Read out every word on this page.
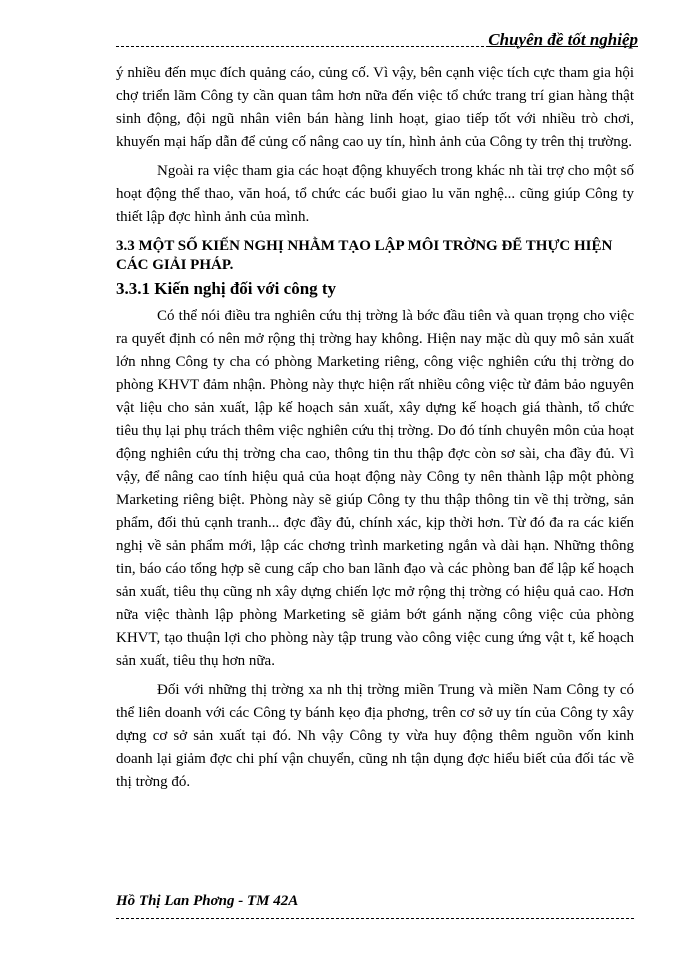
Chuyên đề tốt nghiệp

ý nhiều đến mục đích quảng cáo, củng cố. Vì vậy, bên cạnh việc tích cực tham gia hội chợ triển lãm Công ty cần quan tâm hơn nữa đến việc tổ chức trang trí gian hàng thật sinh động, đội ngũ nhân viên bán hàng linh hoạt, giao tiếp tốt với nhiều trò chơi, khuyến mại hấp dẫn để củng cố nâng cao uy tín, hình ảnh của Công ty trên thị trường.

Ngoài ra việc tham gia các hoạt động khuyếch trong khác nh tài trợ cho một số hoạt động thể thao, văn hoá, tổ chức các buổi giao lu văn nghệ... cũng giúp Công ty thiết lập đợc hình ảnh của mình.

3.3 MỘT SỐ KIẾN NGHỊ NHẰM TẠO LẬP MÔI TRỜNG ĐỂ THỰC HIỆN CÁC GIẢI PHÁP.
3.3.1 Kiến nghị đối với công ty

Có thể nói điều tra nghiên cứu thị trờng là bớc đầu tiên và quan trọng cho việc ra quyết định có nên mở rộng thị trờng hay không. Hiện nay mặc dù quy mô sản xuất lớn nhng Công ty cha có phòng Marketing riêng, công việc nghiên cứu thị trờng do phòng KHVT đảm nhận. Phòng này thực hiện rất nhiều công việc từ đảm bảo nguyên vật liệu cho sản xuất, lập kế hoạch sản xuất, xây dựng kế hoạch giá thành, tổ chức tiêu thụ lại phụ trách thêm việc nghiên cứu thị trờng. Do đó tính chuyên môn của hoạt động nghiên cứu thị trờng cha cao, thông tin thu thập đợc còn sơ sài, cha đầy đủ. Vì vậy, để nâng cao tính hiệu quả của hoạt động này Công ty nên thành lập một phòng Marketing riêng biệt. Phòng này sẽ giúp Công ty thu thập thông tin về thị trờng, sản phẩm, đối thủ cạnh tranh... đợc đầy đủ, chính xác, kịp thời hơn. Từ đó đa ra các kiến nghị về sản phẩm mới, lập các chơng trình marketing ngắn và dài hạn. Những thông tin, báo cáo tổng hợp sẽ cung cấp cho ban lãnh đạo và các phòng ban để lập kế hoạch sản xuất, tiêu thụ cũng nh xây dựng chiến lợc mở rộng thị trờng có hiệu quả cao. Hơn nữa việc thành lập phòng Marketing sẽ giảm bớt gánh nặng công việc của phòng KHVT, tạo thuận lợi cho phòng này tập trung vào công việc cung ứng vật t, kế hoạch sản xuất, tiêu thụ hơn nữa.

Đối với những thị trờng xa nh thị trờng miền Trung và miền Nam Công ty có thể liên doanh với các Công ty bánh kẹo địa phơng, trên cơ sở uy tín của Công ty xây dựng cơ sở sản xuất tại đó. Nh vậy Công ty vừa huy động thêm nguồn vốn kinh doanh lại giảm đợc chi phí vận chuyển, cũng nh tận dụng đợc hiểu biết của đối tác về thị trờng đó.

Hồ Thị Lan Phơng - TM 42A
